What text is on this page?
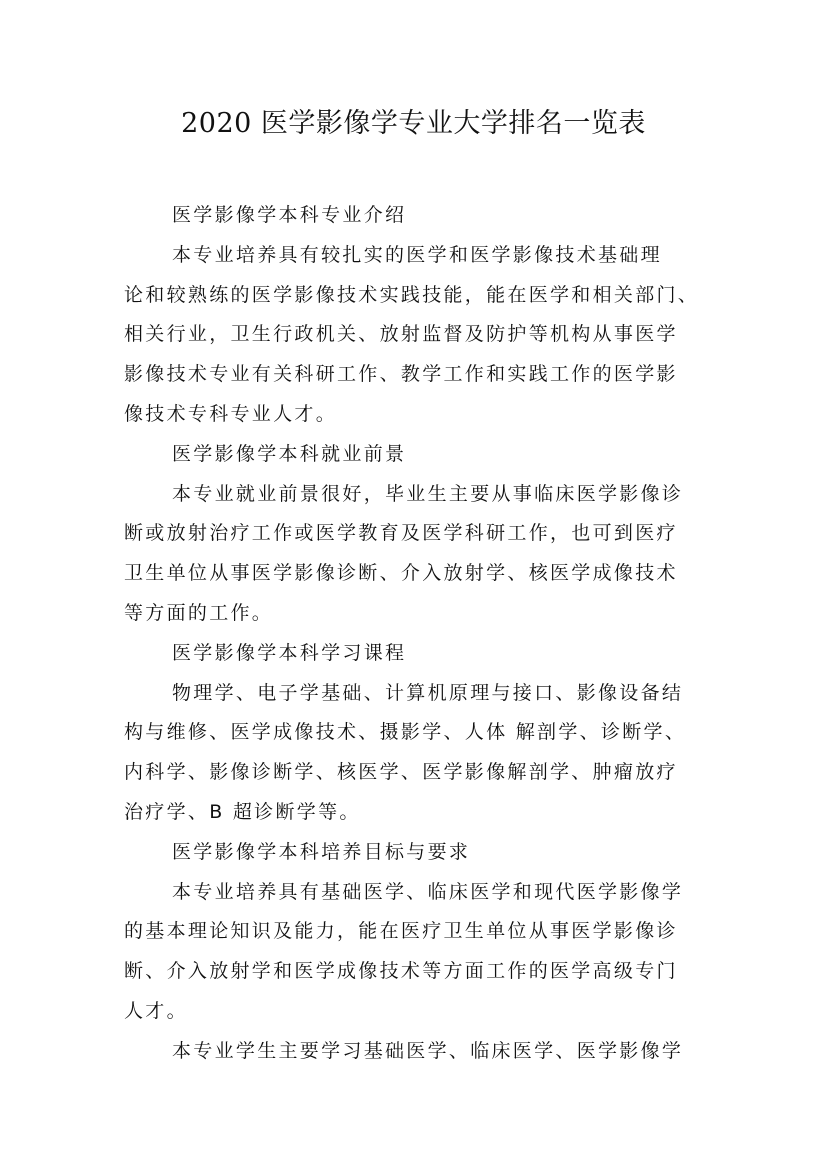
2020 医学影像学专业大学排名一览表
医学影像学本科专业介绍
本专业培养具有较扎实的医学和医学影像技术基础理
论和较熟练的医学影像技术实践技能，能在医学和相关部门、
相关行业，卫生行政机关、放射监督及防护等机构从事医学
影像技术专业有关科研工作、教学工作和实践工作的医学影
像技术专科专业人才。
医学影像学本科就业前景
本专业就业前景很好，毕业生主要从事临床医学影像诊
断或放射治疗工作或医学教育及医学科研工作，也可到医疗
卫生单位从事医学影像诊断、介入放射学、核医学成像技术
等方面的工作。
医学影像学本科学习课程
物理学、电子学基础、计算机原理与接口、影像设备结
构与维修、医学成像技术、摄影学、人体 解剖学、诊断学、
内科学、影像诊断学、核医学、医学影像解剖学、肿瘤放疗
治疗学、B 超诊断学等。
医学影像学本科培养目标与要求
本专业培养具有基础医学、临床医学和现代医学影像学
的基本理论知识及能力，能在医疗卫生单位从事医学影像诊
断、介入放射学和医学成像技术等方面工作的医学高级专门
人才。
本专业学生主要学习基础医学、临床医学、医学影像学
